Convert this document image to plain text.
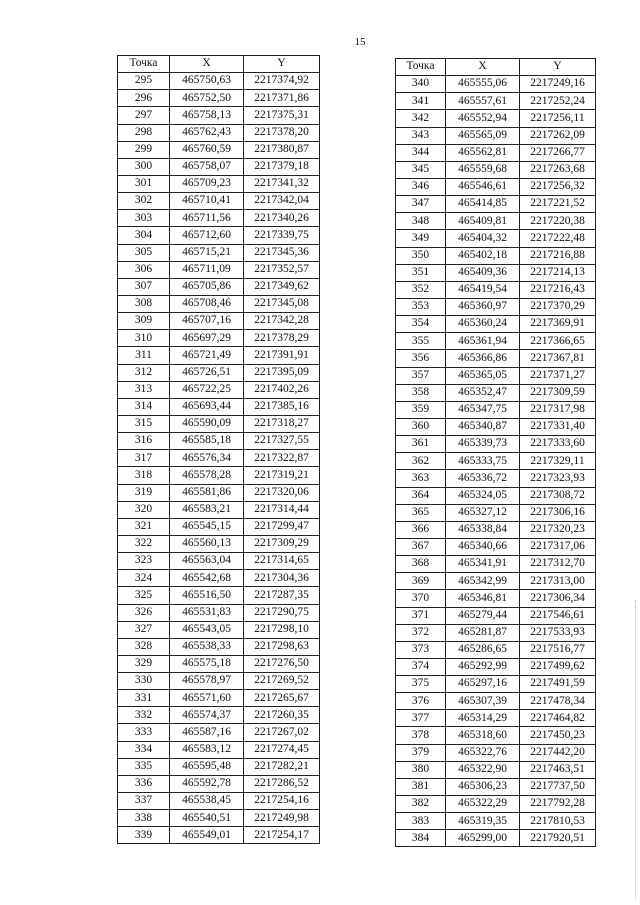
15
Точка	X	Y
295	465750,63	2217374,92
296	465752,50	2217371,86
297	465758,13	2217375,31
298	465762,43	2217378,20
299	465760,59	2217380,87
300	465758,07	2217379,18
301	465709,23	2217341,32
302	465710,41	2217342,04
303	465711,56	2217340,26
304	465712,60	2217339,75
305	465715,21	2217345,36
306	465711,09	2217352,57
307	465705,86	2217349,62
308	465708,46	2217345,08
309	465707,16	2217342,28
310	465697,29	2217378,29
311	465721,49	2217391,91
312	465726,51	2217395,09
313	465722,25	2217402,26
314	465693,44	2217385,16
315	465590,09	2217318,27
316	465585,18	2217327,55
317	465576,34	2217322,87
318	465578,28	2217319,21
319	465581,86	2217320,06
320	465583,21	2217314,44
321	465545,15	2217299,47
322	465560,13	2217309,29
323	465563,04	2217314,65
324	465542,68	2217304,36
325	465516,50	2217287,35
326	465531,83	2217290,75
327	465543,05	2217298,10
328	465538,33	2217298,63
329	465575,18	2217276,50
330	465578,97	2217269,52
331	465571,60	2217265,67
332	465574,37	2217260,35
333	465587,16	2217267,02
334	465583,12	2217274,45
335	465595,48	2217282,21
336	465592,78	2217286,52
337	465538,45	2217254,16
338	465540,51	2217249,98
339	465549,01	2217254,17
Точка	X	Y
340	465555,06	2217249,16
341	465557,61	2217252,24
342	465552,94	2217256,11
343	465565,09	2217262,09
344	465562,81	2217266,77
345	465559,68	2217263,68
346	465546,61	2217256,32
347	465414,85	2217221,52
348	465409,81	2217220,38
349	465404,32	2217222,48
350	465402,18	2217216,88
351	465409,36	2217214,13
352	465419,54	2217216,43
353	465360,97	2217370,29
354	465360,24	2217369,91
355	465361,94	2217366,65
356	465366,86	2217367,81
357	465365,05	2217371,27
358	465352,47	2217309,59
359	465347,75	2217317,98
360	465340,87	2217331,40
361	465339,73	2217333,60
362	465333,75	2217329,11
363	465336,72	2217323,93
364	465324,05	2217308,72
365	465327,12	2217306,16
366	465338,84	2217320,23
367	465340,66	2217317,06
368	465341,91	2217312,70
369	465342,99	2217313,00
370	465346,81	2217306,34
371	465279,44	2217546,61
372	465281,87	2217533,93
373	465286,65	2217516,77
374	465292,99	2217499,62
375	465297,16	2217491,59
376	465307,39	2217478,34
377	465314,29	2217464,82
378	465318,60	2217450,23
379	465322,76	2217442,20
380	465322,90	2217463,51
381	465306,23	2217737,50
382	465322,29	2217792,28
383	465319,35	2217810,53
384	465299,00	2217920,51
